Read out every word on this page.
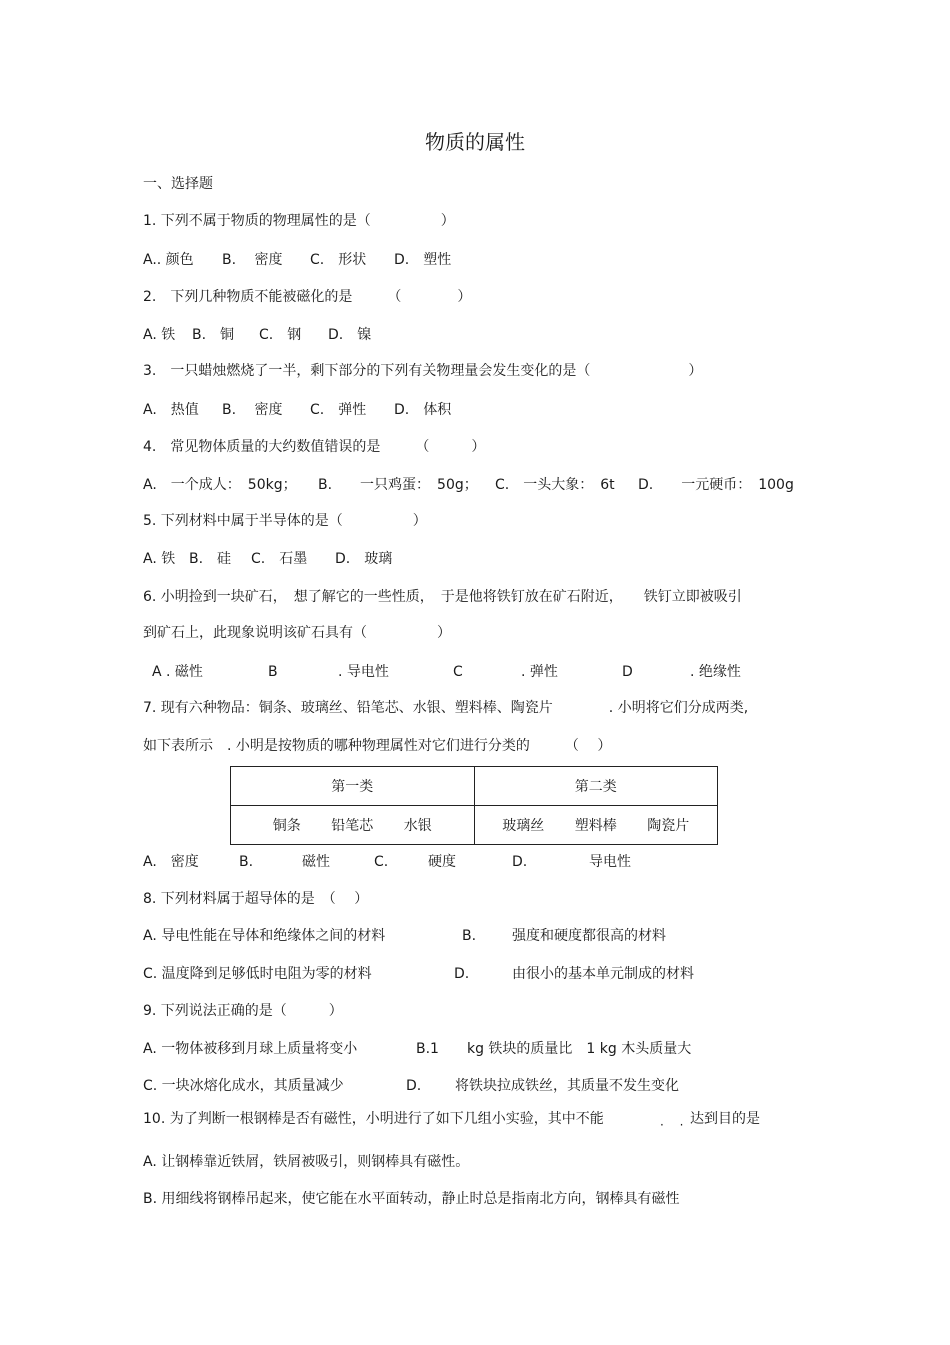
物质的属性
一、选择题
1. 下列不属于物质的物理属性的是（　　　　　）
A.. 颜色 B.　 密度 C.　形状 D.　塑性
2.　下列几种物质不能被磁化的是　　　（　　　　）
A. 铁 B.　铜 C.　钢 D.　镍
3.　一只蜡烛燃烧了一半，剩下部分的下列有关物理量会发生变化的是（　　　　　　　）
A.　热值 B.　 密度 C.　弹性 D.　体积
4.　常见物体质量的大约数值错误的是　　　（　　　）
A.　一个成人：　50kg； B.　　一只鸡蛋：　50g； C.　一头大象：　6t D.　　一元硬币：　100g
5. 下列材料中属于半导体的是（　　　　　）
A. 铁 B.　硅 C.　石墨 D.　玻璃
6. 小明捡到一块矿石，　想了解它的一些性质，　于是他将铁钉放在矿石附近，　　铁钉立即被吸引
到矿石上，此现象说明该矿石具有（　　　　　）
A . 磁性	B	. 导电性	C	. 弹性	D	. 绝缘性
7. 现有六种物品：铜条、玻璃丝、铅笔芯、水银、塑料棒、陶瓷片　　　　. 小明将它们分成两类,
如下表所示　. 小明是按物质的哪种物理属性对它们进行分类的　　　（　 ）
第一类	第二类
铜条 铅笔芯 水银	玻璃丝 塑料棒 陶瓷片
A.　密度	B.	磁性	C.	硬度	D.	导电性
8. 下列材料属于超导体的是　（　 ）
A. 导电性能在导体和绝缘体之间的材料	B.	强度和硬度都很高的材料
C. 温度降到足够低时电阻为零的材料	D.	由很小的基本单元制成的材料
9. 下列说法正确的是（　　　）
A. 一物体被移到月球上质量将变小	B.1　　kg 铁块的质量比　1 kg 木头质量大
C. 一块冰熔化成水，其质量减少	D. 将铁块拉成铁丝，其质量不发生变化
10. 为了判断一根钢棒是否有磁性，小明进行了如下几组小实验，其中不能	· · 达到目的是
A. 让钢棒靠近铁屑，铁屑被吸引，则钢棒具有磁性。
B. 用细线将钢棒吊起来，使它能在水平面转动，静止时总是指南北方向，钢棒具有磁性
